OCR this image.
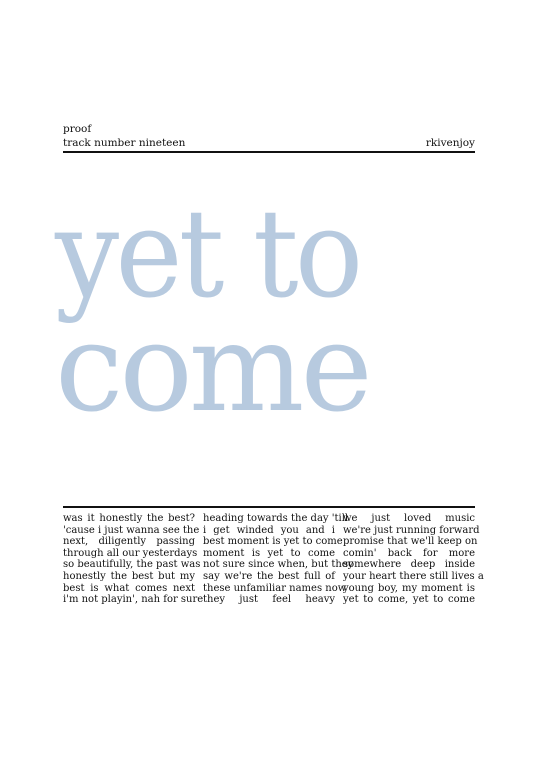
proof
track number nineteen	rkivenjoy
yet to
come
was it honestly the best?
'cause i just wanna see the
next, diligently passing
through all our yesterdays
so beautifully, the past was
honestly the best but my
best is what comes next
i'm not playin', nah for sure
heading towards the day 'till
i get winded you and i
best moment is yet to come
moment is yet to come
not sure since when, but they
say we're the best full of
these unfamiliar names now
they just feel heavy
we just loved music
we're just running forward
promise that we'll keep on
comin' back for more
somewhere deep inside
your heart there still lives a
young boy, my moment is
yet to come, yet to come
